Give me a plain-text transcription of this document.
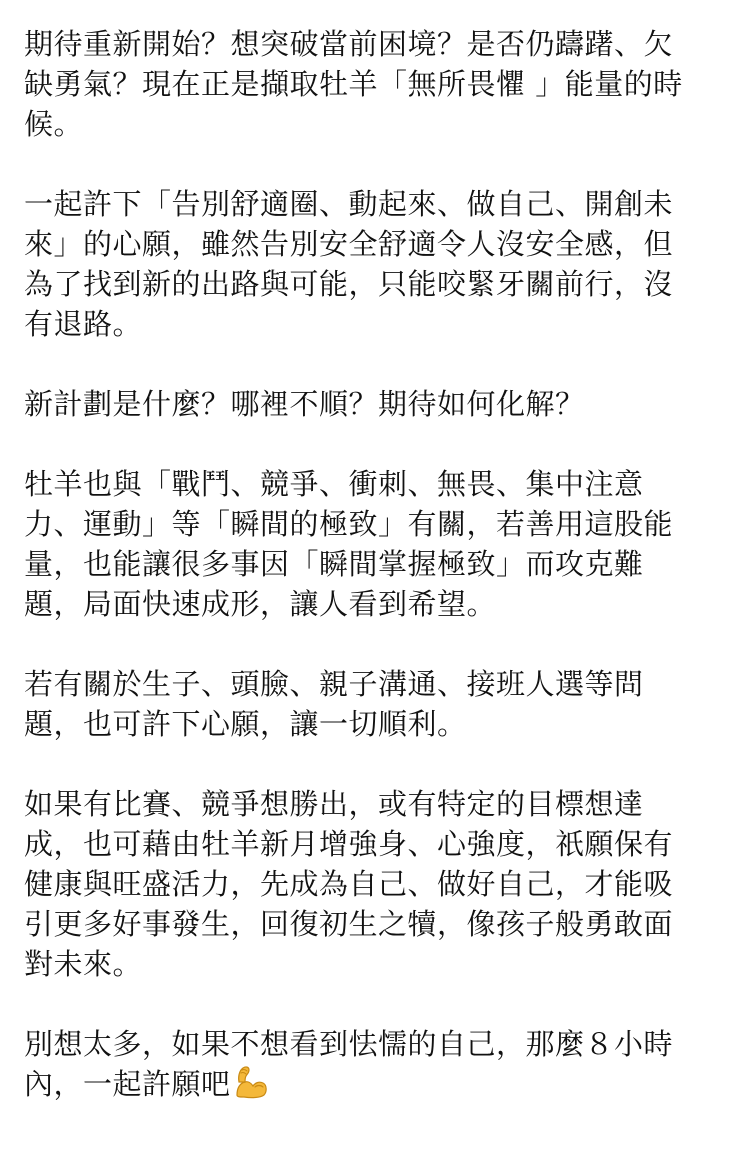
期待重新開始？想突破當前困境？是否仍躊躇、欠
缺勇氣？現在正是擷取牡羊「無所畏懼 」能量的時
候。

一起許下「告別舒適圈、動起來、做自己、開創未
來」的心願，雖然告別安全舒適令人沒安全感，但
為了找到新的出路與可能，只能咬緊牙關前行，沒
有退路。

新計劃是什麼？哪裡不順？期待如何化解？

牡羊也與「戰鬥、競爭、衝刺、無畏、集中注意
力、運動」等「瞬間的極致」有關，若善用這股能
量，也能讓很多事因「瞬間掌握極致」而攻克難
題，局面快速成形，讓人看到希望。

若有關於生子、頭臉、親子溝通、接班人選等問
題，也可許下心願，讓一切順利。

如果有比賽、競爭想勝出，或有特定的目標想達
成，也可藉由牡羊新月增強身、心強度，祇願保有
健康與旺盛活力，先成為自己、做好自己，才能吸
引更多好事發生，回復初生之犢，像孩子般勇敢面
對未來。

別想太多，如果不想看到怯懦的自己，那麼８小時
內，一起許願吧
